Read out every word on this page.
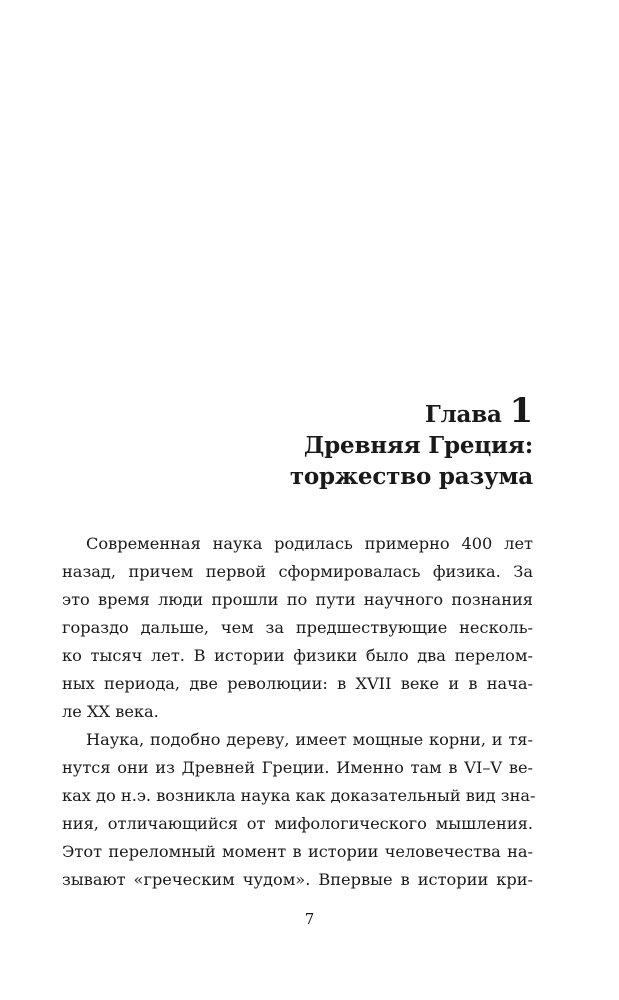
Глава 1
Древняя Греция:
торжество разума
Современная наука родилась примерно 400 лет
назад, причем первой сформировалась физика. За
это время люди прошли по пути научного познания
гораздо дальше, чем за предшествующие несколь-
ко тысяч лет. В истории физики было два перелом-
ных периода, две революции: в XVII веке и в нача-
ле XX века.
Наука, подобно дереву, имеет мощные корни, и тя-
нутся они из Древней Греции. Именно там в VI–V ве-
ках до н.э. возникла наука как доказательный вид зна-
ния, отличающийся от мифологического мышления.
Этот переломный момент в истории человечества на-
зывают «греческим чудом». Впервые в истории кри-
7
